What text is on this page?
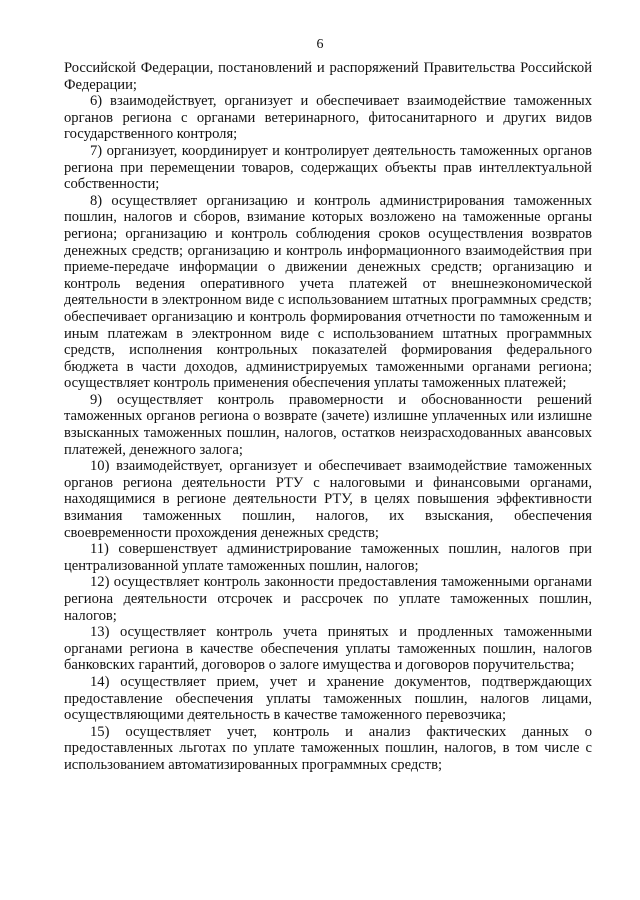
6

Российской Федерации, постановлений и распоряжений Правительства Российской Федерации;

6) взаимодействует, организует и обеспечивает взаимодействие таможенных органов региона с органами ветеринарного, фитосанитарного и других видов государственного контроля;

7) организует, координирует и контролирует деятельность таможенных органов региона при перемещении товаров, содержащих объекты прав интеллектуальной собственности;

8) осуществляет организацию и контроль администрирования таможенных пошлин, налогов и сборов, взимание которых возложено на таможенные органы региона; организацию и контроль соблюдения сроков осуществления возвратов денежных средств; организацию и контроль информационного взаимодействия при приеме-передаче информации о движении денежных средств; организацию и контроль ведения оперативного учета платежей от внешнеэкономической деятельности в электронном виде с использованием штатных программных средств; обеспечивает организацию и контроль формирования отчетности по таможенным и иным платежам в электронном виде с использованием штатных программных средств, исполнения контрольных показателей формирования федерального бюджета в части доходов, администрируемых таможенными органами региона; осуществляет контроль применения обеспечения уплаты таможенных платежей;

9) осуществляет контроль правомерности и обоснованности решений таможенных органов региона о возврате (зачете) излишне уплаченных или излишне взысканных таможенных пошлин, налогов, остатков неизрасходованных авансовых платежей, денежного залога;

10) взаимодействует, организует и обеспечивает взаимодействие таможенных органов региона деятельности РТУ с налоговыми и финансовыми органами, находящимися в регионе деятельности РТУ, в целях повышения эффективности взимания таможенных пошлин, налогов, их взыскания, обеспечения своевременности прохождения денежных средств;

11) совершенствует администрирование таможенных пошлин, налогов при централизованной уплате таможенных пошлин, налогов;

12) осуществляет контроль законности предоставления таможенными органами региона деятельности отсрочек и рассрочек по уплате таможенных пошлин, налогов;

13) осуществляет контроль учета принятых и продленных таможенными органами региона в качестве обеспечения уплаты таможенных пошлин, налогов банковских гарантий, договоров о залоге имущества и договоров поручительства;

14) осуществляет прием, учет и хранение документов, подтверждающих предоставление обеспечения уплаты таможенных пошлин, налогов лицами, осуществляющими деятельность в качестве таможенного перевозчика;

15) осуществляет учет, контроль и анализ фактических данных о предоставленных льготах по уплате таможенных пошлин, налогов, в том числе с использованием автоматизированных программных средств;
